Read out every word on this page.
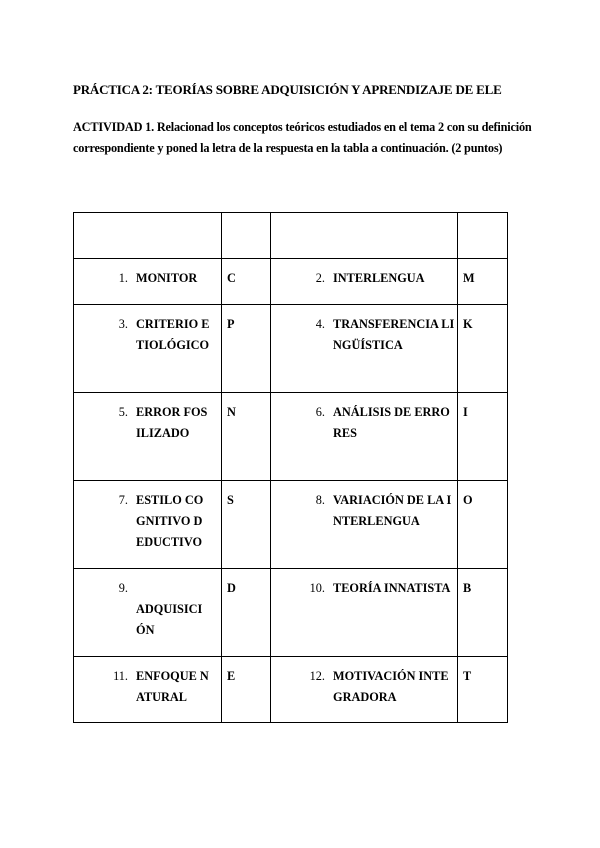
PRÁCTICA 2: TEORÍAS SOBRE ADQUISICIÓN Y APRENDIZAJE DE ELE
ACTIVIDAD 1. Relacionad los conceptos teóricos estudiados en el tema 2 con su definición correspondiente y poned la letra de la respuesta en la tabla a continuación. (2 puntos)

1. MONITOR	C	2. INTERLENGUA	M

3. CRITERIO ETIOLÓGICO	P	4. TRANSFERENCIA LINGÜÍSTICA	K

5. ERROR FOSILIZADO	N	6. ANÁLISIS DE ERRORES	I

7. ESTILO COGNITIVO DEDUCTIVO	S	8. VARIACIÓN DE LA INTERLENGUA	O

9.
ADQUISICIÓN	D	10. TEORÍA INNATISTA	B

11. ENFOQUE NATURAL	E	12. MOTIVACIÓN INTEGRADORA	T
